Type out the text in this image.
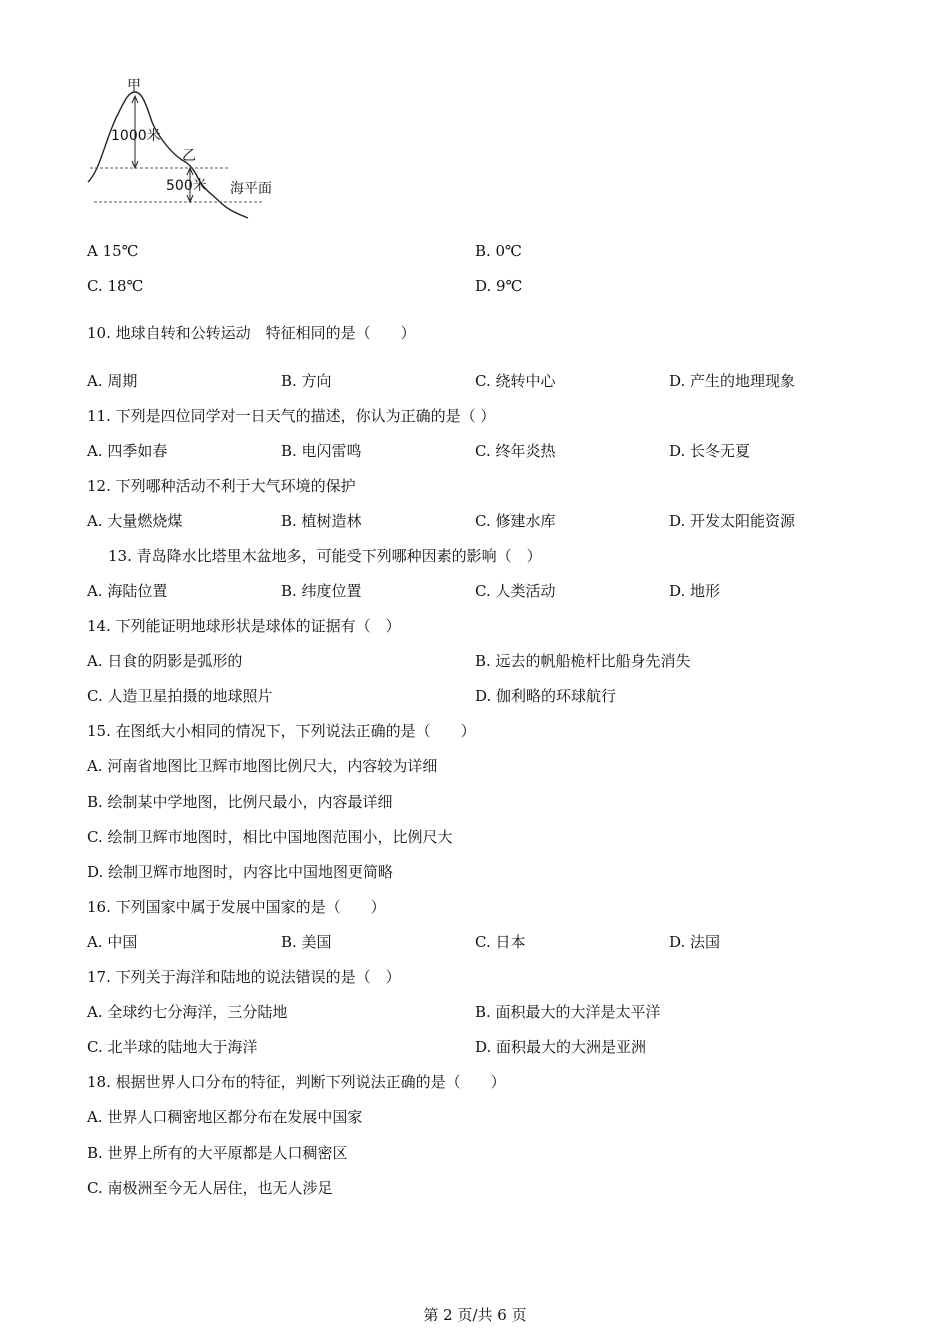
甲
1000米
乙
500米 海平面
A 15℃	B. 0℃
C. 18℃	D. 9℃
10. 地球自转和公转运动　特征相同的是（　　）
A. 周期	B. 方向	C. 绕转中心	D. 产生的地理现象
11. 下列是四位同学对一日天气的描述，你认为正确的是（ ）
A. 四季如春	B. 电闪雷鸣	C. 终年炎热	D. 长冬无夏
12. 下列哪种活动不利于大气环境的保护
A. 大量燃烧煤	B. 植树造林	C. 修建水库	D. 开发太阳能资源
13. 青岛降水比塔里木盆地多，可能受下列哪种因素的影响（　）
A. 海陆位置	B. 纬度位置	C. 人类活动	D. 地形
14. 下列能证明地球形状是球体的证据有（　）
A. 日食的阴影是弧形的	B. 远去的帆船桅杆比船身先消失
C. 人造卫星拍摄的地球照片	D. 伽利略的环球航行
15. 在图纸大小相同的情况下，下列说法正确的是（　　）
A. 河南省地图比卫辉市地图比例尺大，内容较为详细
B. 绘制某中学地图，比例尺最小，内容最详细
C. 绘制卫辉市地图时，相比中国地图范围小，比例尺大
D. 绘制卫辉市地图时，内容比中国地图更简略
16. 下列国家中属于发展中国家的是（　　）
A. 中国	B. 美国	C. 日本	D. 法国
17. 下列关于海洋和陆地的说法错误的是（　）
A. 全球约七分海洋，三分陆地	B. 面积最大的大洋是太平洋
C. 北半球的陆地大于海洋	D. 面积最大的大洲是亚洲
18. 根据世界人口分布的特征，判断下列说法正确的是（　　）
A. 世界人口稠密地区都分布在发展中国家
B. 世界上所有的大平原都是人口稠密区
C. 南极洲至今无人居住，也无人涉足
第 2 页/共 6 页
